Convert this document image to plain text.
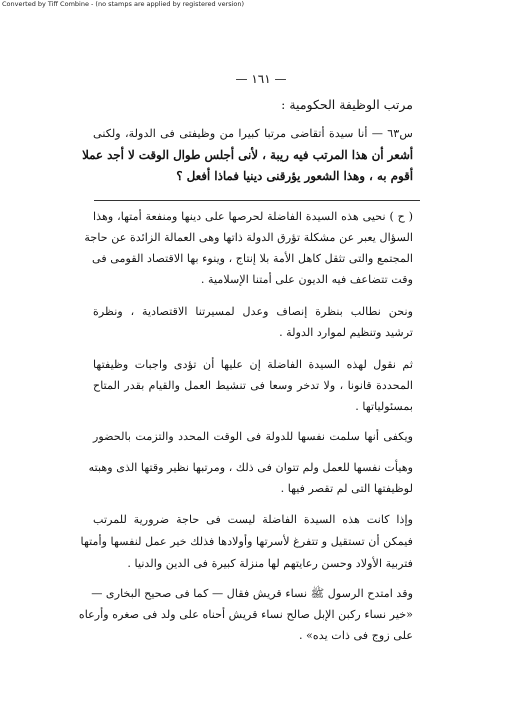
Converted by Tiff Combine - (no stamps are applied by registered version)
— ١٦١ —
مرتب الوظيفة الحكومية :
س٦٣ — أنا سيدة أتقاضى مرتبا كبيرا من وظيفتى فى الدولة، ولكنى
أشعر أن هذا المرتب فيه ريبة ، لأنى أجلس طوال الوقت لا أجد عملا
أقوم به ، وهذا الشعور يؤرقنى دينيا فماذا أفعل ؟
( ح ) نحيى هذه السيدة الفاضلة لحرصها على دينها ومنفعة أمتها، وهذا
السؤال يعبر عن مشكلة تؤرق الدولة ذاتها وهى العمالة الزائدة عن حاجة
المجتمع والتى تثقل كاهل الأمة بلا إنتاج ، وينوء بها الاقتصاد القومى فى
وقت تتضاعف فيه الديون على أمتنا الإسلامية .
ونحن نطالب بنظرة إنصاف وعدل لمسيرتنا الاقتصادية ، ونظرة
ترشيد وتنظيم لموارد الدولة .
ثم نقول لهذه السيدة الفاضلة إن عليها أن تؤدى واجبات وظيفتها
المحددة قانونا ، ولا تدخر وسعا فى تنشيط العمل والقيام بقدر المتاح
بمسئولياتها .
ويكفى أنها سلمت نفسها للدولة فى الوقت المحدد والتزمت بالحضور
وهيأت نفسها للعمل ولم تتوان فى ذلك ، ومرتبها نظير وقتها الذى وهبته
لوظيفتها التى لم تقصر فيها .
وإذا كانت هذه السيدة الفاضلة ليست فى حاجة ضرورية للمرتب
فيمكن أن تستقيل و تتفرغ لأسرتها وأولادها فذلك خير عمل لنفسها وأمتها
فتربية الأولاد وحسن رعايتهم لها منزلة كبيرة فى الدين والدنيا .
وقد امتدح الرسول ﷺ نساء قريش فقال — كما فى صحيح البخارى —
«خير نساء ركبن الإبل صالح نساء قريش أحناه على ولد فى صغره وأرعاه
على زوج فى ذات يده» .
